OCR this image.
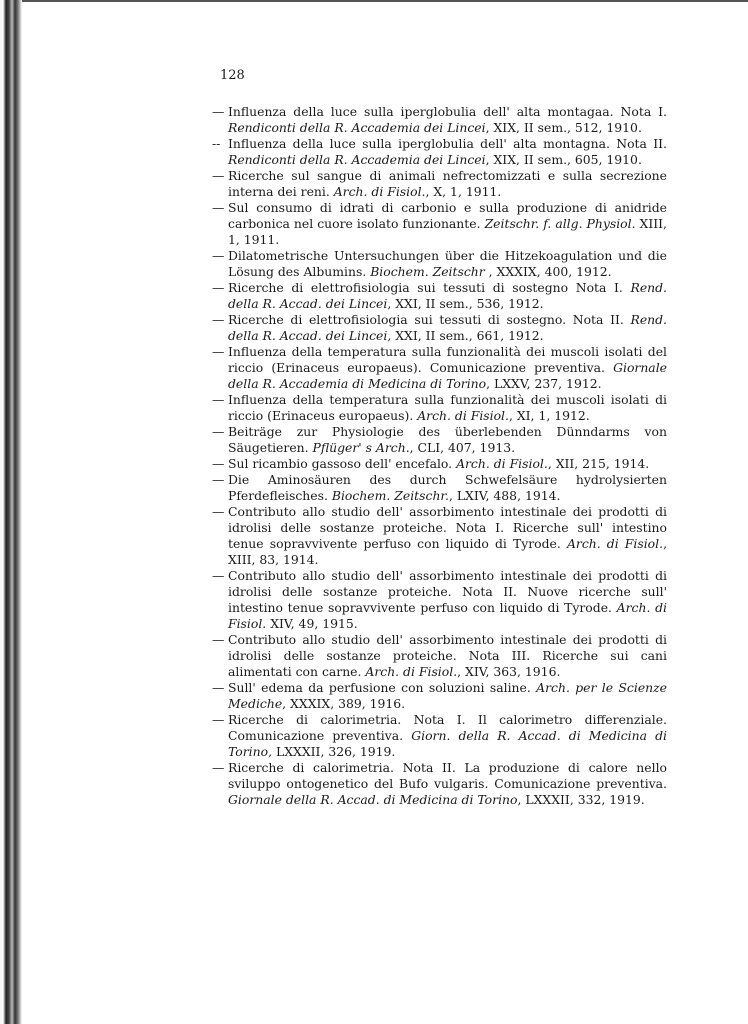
128
— Influenza della luce sulla iperglobulia dell' alta montagaa. Nota I. Rendiconti della R. Accademia dei Lincei, XIX, II sem., 512, 1910.
-- Influenza della luce sulla iperglobulia dell' alta montagna. Nota II. Rendiconti della R. Accademia dei Lincei, XIX, II sem., 605, 1910.
— Ricerche sul sangue di animali nefrectomizzati e sulla secrezione interna dei reni. Arch. di Fisiol., X, 1, 1911.
— Sul consumo di idrati di carbonio e sulla produzione di anidride carbonica nel cuore isolato funzionante. Zeitschr. f. allg. Physiol. XIII, 1, 1911.
— Dilatometrische Untersuchungen über die Hitzekoagulation und die Lösung des Albumins. Biochem. Zeitschr , XXXIX, 400, 1912.
— Ricerche di elettrofisiologia sui tessuti di sostegno Nota I. Rend. della R. Accad. dei Lincei, XXI, II sem., 536, 1912.
— Ricerche di elettrofisiologia sui tessuti di sostegno. Nota II. Rend. della R. Accad. dei Lincei, XXI, II sem., 661, 1912.
— Influenza della temperatura sulla funzionalità dei muscoli isolati del riccio (Erinaceus europaeus). Comunicazione preventiva. Giornale della R. Accademia di Medicina di Torino, LXXV, 237, 1912.
— Influenza della temperatura sulla funzionalità dei muscoli isolati di riccio (Erinaceus europaeus). Arch. di Fisiol., XI, 1, 1912.
— Beiträge zur Physiologie des überlebenden Dünndarms von Säugetieren. Pflüger' s Arch., CLI, 407, 1913.
— Sul ricambio gassoso dell' encefalo. Arch. di Fisiol., XII, 215, 1914.
— Die Aminosäuren des durch Schwefelsäure hydrolysierten Pferdefleisches. Biochem. Zeitschr., LXIV, 488, 1914.
— Contributo allo studio dell' assorbimento intestinale dei prodotti di idrolisi delle sostanze proteiche. Nota I. Ricerche sull' intestino tenue sopravvivente perfuso con liquido di Tyrode. Arch. di Fisiol., XIII, 83, 1914.
— Contributo allo studio dell' assorbimento intestinale dei prodotti di idrolisi delle sostanze proteiche. Nota II. Nuove ricerche sull' intestino tenue sopravvivente perfuso con liquido di Tyrode. Arch. di Fisiol. XIV, 49, 1915.
— Contributo allo studio dell' assorbimento intestinale dei prodotti di idrolisi delle sostanze proteiche. Nota III. Ricerche sui cani alimentati con carne. Arch. di Fisiol., XIV, 363, 1916.
— Sull' edema da perfusione con soluzioni saline. Arch. per le Scienze Mediche, XXXIX, 389, 1916.
— Ricerche di calorimetria. Nota I. Il calorimetro differenziale. Comunicazione preventiva. Giorn. della R. Accad. di Medicina di Torino, LXXXII, 326, 1919.
— Ricerche di calorimetria. Nota II. La produzione di calore nello sviluppo ontogenetico del Bufo vulgaris. Comunicazione preventiva. Giornale della R. Accad. di Medicina di Torino, LXXXII, 332, 1919.
